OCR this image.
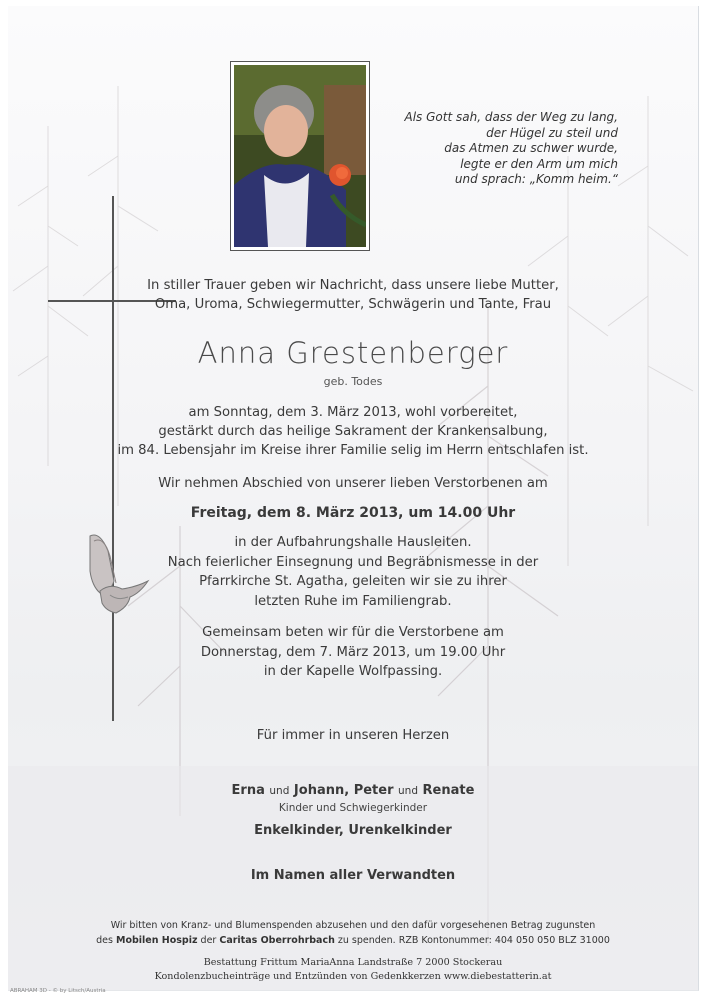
Als Gott sah, dass der Weg zu lang,
der Hügel zu steil und
das Atmen zu schwer wurde,
legte er den Arm um mich
und sprach: „Komm heim.“
In stiller Trauer geben wir Nachricht, dass unsere liebe Mutter,
Oma, Uroma, Schwiegermutter, Schwägerin und Tante, Frau
Anna Grestenberger
geb. Todes
am Sonntag, dem 3. März 2013, wohl vorbereitet,
gestärkt durch das heilige Sakrament der Krankensalbung,
im 84. Lebensjahr im Kreise ihrer Familie selig im Herrn entschlafen ist.
Wir nehmen Abschied von unserer lieben Verstorbenen am
Freitag, dem 8. März 2013, um 14.00 Uhr
in der Aufbahrungshalle Hausleiten.
Nach feierlicher Einsegnung und Begräbnismesse in der
Pfarrkirche St. Agatha, geleiten wir sie zu ihrer
letzten Ruhe im Familiengrab.
Gemeinsam beten wir für die Verstorbene am
Donnerstag, dem 7. März 2013, um 19.00 Uhr
in der Kapelle Wolfpassing.
Für immer in unseren Herzen
Erna und Johann, Peter und Renate
Kinder und Schwiegerkinder
Enkelkinder, Urenkelkinder
Im Namen aller Verwandten
Wir bitten von Kranz- und Blumenspenden abzusehen und den dafür vorgesehenen Betrag zugunsten
des Mobilen Hospiz der Caritas Oberrohrbach zu spenden. RZB Kontonummer: 404 050 050 BLZ 31000
Bestattung Frittum MariaAnna Landstraße 7 2000 Stockerau
Kondolenzbucheinträge und Entzünden von Gedenkkerzen www.diebestatterin.at
ABRAHAM 3D - © by Litsch/Austria
